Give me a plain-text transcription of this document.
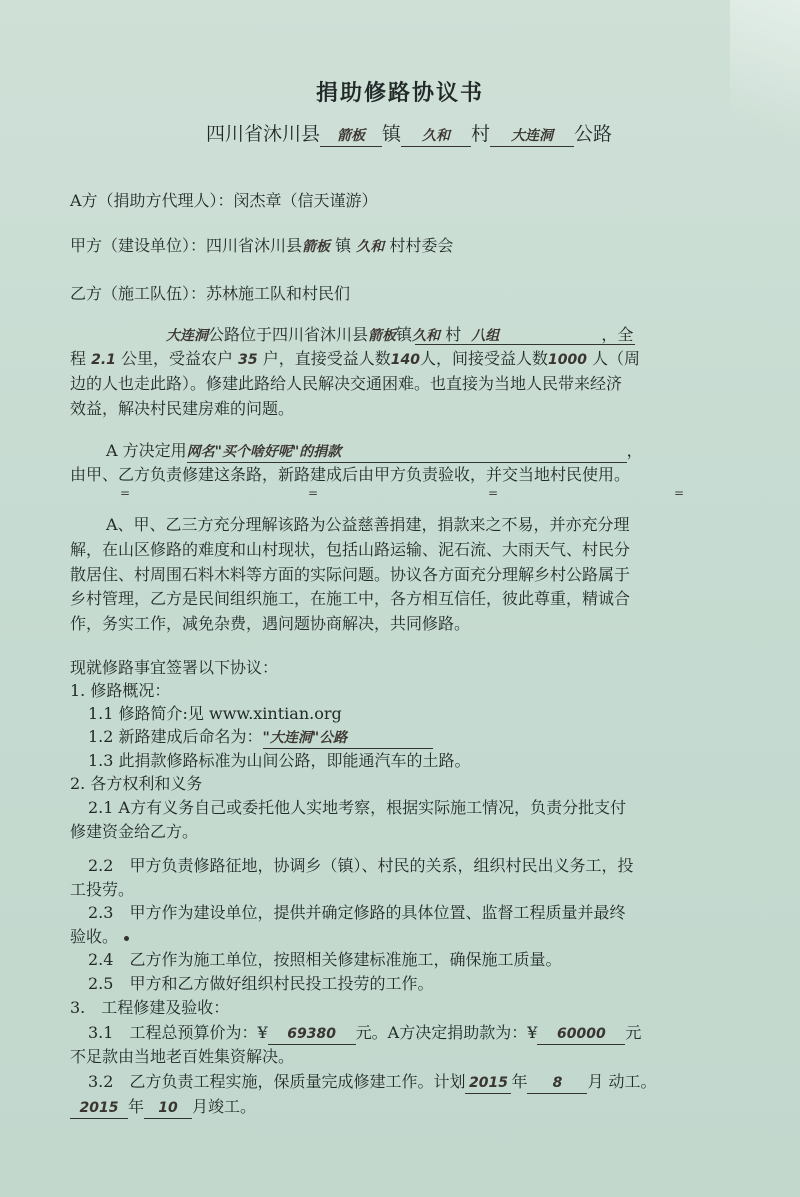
捐助修路协议书
四川省沐川县 箭板 镇 久和 村 大连洞 公路
A方（捐助方代理人）：闵杰章（信天谨游）
甲方（建设单位）：四川省沐川县箭板 镇 久和 村村委会
乙方（施工队伍）：苏林施工队和村民们
大连洞公路位于四川省沐川县箭板镇久和 村 八组	，全
程 2.1 公里，受益农户 35 户，直接受益人数140人，间接受益人数1000 人（周
边的人也走此路）。修建此路给人民解决交通困难。也直接为当地人民带来经济
效益，解决村民建房难的问题。
A 方决定用网名"买个啥好呢"的捐款	，
由甲、乙方负责修建这条路，新路建成后由甲方负责验收，并交当地村民使用。
=	=	=	=
A、甲、乙三方充分理解该路为公益慈善捐建，捐款来之不易，并亦充分理
解，在山区修路的难度和山村现状，包括山路运输、泥石流、大雨天气、村民分
散居住、村周围石料木料等方面的实际问题。协议各方面充分理解乡村公路属于
乡村管理，乙方是民间组织施工，在施工中，各方相互信任，彼此尊重，精诚合
作，务实工作，减免杂费，遇问题协商解决，共同修路。
现就修路事宜签署以下协议：
1. 修路概况：
1.1 修路简介:见 www.xintian.org
1.2 新路建成后命名为："大连洞"公路
1.3 此捐款修路标准为山间公路，即能通汽车的土路。
2. 各方权利和义务
2.1 A方有义务自己或委托他人实地考察，根据实际施工情况，负责分批支付
修建资金给乙方。
2.2　甲方负责修路征地，协调乡（镇）、村民的关系，组织村民出义务工，投
工投劳。
2.3　甲方作为建设单位，提供并确定修路的具体位置、监督工程质量并最终
验收。
2.4　乙方作为施工单位，按照相关修建标准施工，确保施工质量。
2.5　甲方和乙方做好组织村民投工投劳的工作。
3.　工程修建及验收：
3.1　工程总预算价为：¥ 69380 元。A方决定捐助款为：¥ 60000 元
不足款由当地老百姓集资解决。
3.2　乙方负责工程实施，保质量完成修建工作。计划 2015 年 8 月 动工。
2015 年 10 月竣工。
